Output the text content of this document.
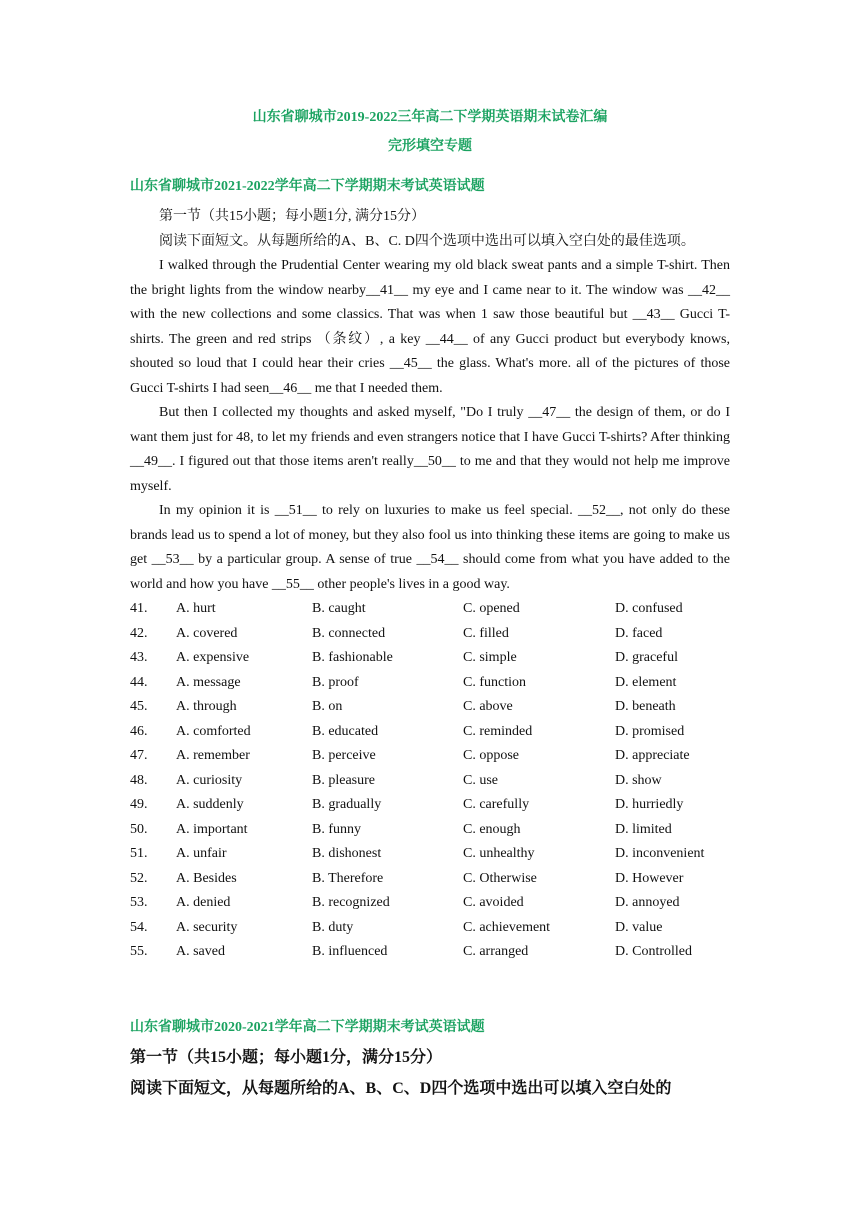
山东省聊城市2019-2022三年高二下学期英语期末试卷汇编
完形填空专题
山东省聊城市2021-2022学年高二下学期期末考试英语试题

第一节（共15小题；每小题1分, 满分15分）

阅读下面短文。从每题所给的A、B、C. D四个选项中选出可以填入空白处的最佳选项。

I walked through the Prudential Center wearing my old black sweat pants and a simple T-shirt. Then the bright lights from the window nearby__41__ my eye and I came near to it. The window was __42__ with the new collections and some classics. That was when 1 saw those beautiful but __43__ Gucci T-shirts. The green and red strips （条纹）, a key __44__ of any Gucci product but everybody knows, shouted so loud that I could hear their cries __45__ the glass. What's more. all of the pictures of those Gucci T-shirts I had seen__46__ me that I needed them.

But then I collected my thoughts and asked myself, "Do I truly __47__ the design of them, or do I want them just for 48, to let my friends and even strangers notice that I have Gucci T-shirts? After thinking __49__. I figured out that those items aren't really__50__ to me and that they would not help me improve myself.

In my opinion it is __51__ to rely on luxuries to make us feel special. __52__, not only do these brands lead us to spend a lot of money, but they also fool us into thinking these items are going to make us get __53__ by a particular group. A sense of true __54__ should come from what you have added to the world and how you have __55__ other people's lives in a good way.

41. A. hurt	B. caught	C. opened	D. confused
42. A. covered	B. connected	C. filled	D. faced
43. A. expensive	B. fashionable	C. simple	D. graceful
44. A. message	B. proof	C. function	D. element
45. A. through	B. on	C. above	D. beneath
46. A. comforted	B. educated	C. reminded	D. promised
47. A. remember	B. perceive	C. oppose	D. appreciate
48. A. curiosity	B. pleasure	C. use	D. show
49. A. suddenly	B. gradually	C. carefully	D. hurriedly
50. A. important	B. funny	C. enough	D. limited
51. A. unfair	B. dishonest	C. unhealthy	D. inconvenient
52. A. Besides	B. Therefore	C. Otherwise	D. However
53. A. denied	B. recognized	C. avoided	D. annoyed
54. A. security	B. duty	C. achievement	D. value
55. A. saved	B. influenced	C. arranged	D. Controlled
山东省聊城市2020-2021学年高二下学期期末考试英语试题
第一节（共15小题；每小题1分，满分15分）
阅读下面短文，从每题所给的A、B、C、D四个选项中选出可以填入空白处的
